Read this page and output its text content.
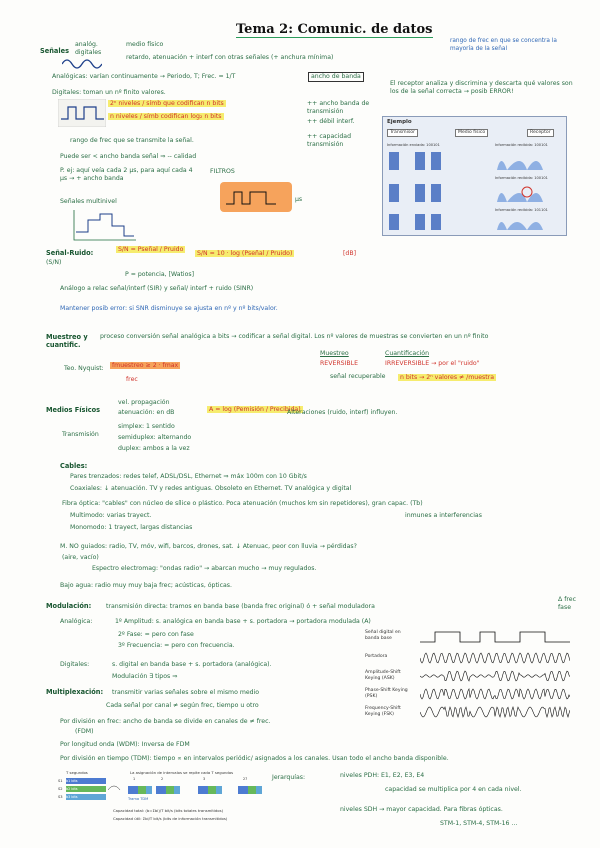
Tema 2: Comunic. de datos
Señales
analóg.
digitales
medio físico
retardo, atenuación + interf con otras señales (+ anchura mínima)
rango de frec en que se concentra la mayoría de la señal
Analógicas: varían continuamente → Periodo, T; Frec. = 1/T	ancho de banda
Digitales: toman un nº finito valores.
2ⁿ niveles / símb que codifican n bits
n niveles / símb codifican log₂ n bits
++ ancho banda de transmisión
++ débil interf.
++ capacidad transmisión
El receptor analiza y discrimina y descarta qué valores son los de la señal correcta → posib ERROR!
rango de frec que se transmite la señal.
Puede ser < ancho banda señal ⇒ -- calidad
P. ej: aquí veía cada 2 µs, para aquí cada 4 µs → + ancho banda
FILTROS
µs
Señales multinivel
Ejemplo
Transmisor	Medio físico	Receptor
Información enviada: 100101	Información recibida: 100101
Información recibida: 100101
Información recibida: 101101
Señal-Ruido:
(S/N)
S/N = Pseñal / Pruido
S/N = 10 · log (Pseñal / Pruido)	[dB]
P = potencia, [Watios]
Análogo a relac señal/interf (SIR) y señal/ interf + ruido (SINR)
Mantener posib error: si SNR disminuye se ajusta en nº y nº bits/valor.
Muestreo y cuantific.
proceso conversión señal analógica a bits → codificar a señal digital. Los nº valores de muestras se convierten en un nº finito
Teo. Nyquist:	fmuestreo ≥ 2 · fmax
frec
Muestreo
REVERSIBLE
señal recuperable
Cuantificación
IRREVERSIBLE → por el "ruido"
n bits → 2ⁿ valores ≠ /muestra
Medios Físicos
vel. propagación
atenuación: en dB	A = log (Pemisión / Precibida)
Alteraciones (ruido, interf) influyen.
Transmisión
simplex: 1 sentido
semiduplex: alternando
duplex: ambos a la vez
Cables:
Pares trenzados: redes telef, ADSL/DSL, Ethernet ⇒ máx 100m con 10 Gbit/s
Coaxiales: ↓ atenuación. TV y redes antiguas. Obsoleto en Ethernet. TV analógica y digital
Fibra óptica: "cables" con núcleo de sílice o plástico. Poca atenuación (muchos km sin repetidores), gran capac. (Tb)
inmunes a interferencias
Multimodo: varias trayect.
Monomodo: 1 trayect, largas distancias
M. NO guiados: radio, TV, móv, wifi, barcos, drones, sat. ↓ Atenuac, peor con lluvia → pérdidas?
(aire, vacío)
Espectro electromag: "ondas radio" → abarcan mucho → muy regulados.
Bajo agua: radio muy muy baja frec; acústicas, ópticas.
Modulación: transmisión directa: tramos en banda base (banda frec original) ó + señal moduladora
Δ frec fase
Analógica:	1º Amplitud: s. analógica en banda base + s. portadora → portadora modulada (A)
2º Fase: = pero con fase
3º Frecuencia: = pero con frecuencia.
Digitales:	s. digital en banda base + s. portadora (analógica).
Modulación ∃ tipos ⇒
Señal digital en banda base
Portadora
Amplitude-Shift Keying (ASK)
Phase-Shift Keying (PSK)
Frequency-Shift Keying (FSK)
Multiplexación: transmitir varias señales sobre el mismo medio
Cada señal por canal ≠ según frec, tiempo u otro
Por división en frec: ancho de banda se divide en canales de ≠ frec.
(FDM)
Por longitud onda (WDM): Inversa de FDM
Por división en tiempo (TDM): tiempo ∝ en intervalos periódic/ asignados a los canales. Usan todo el ancho banda disponible.
Jerarquías:	niveles PDH: E1, E2, E3, E4
capacidad se multiplica por 4 en cada nivel.
niveles SDH → mayor capacidad. Para fibras ópticas.
STM-1, STM-4, STM-16 ...
T segundos	La asignación de intervalos se repite cada T segundos
S1
S2
S3
b1 bits
b2 bits
b3 bits	Trama TDM
1	2	3	27
Capacidad total: (b=Σbi)/T bit/s (bits totales transmitidos)
Capacidad útil: Σbi/T bit/s (bits de información transmitidos)
